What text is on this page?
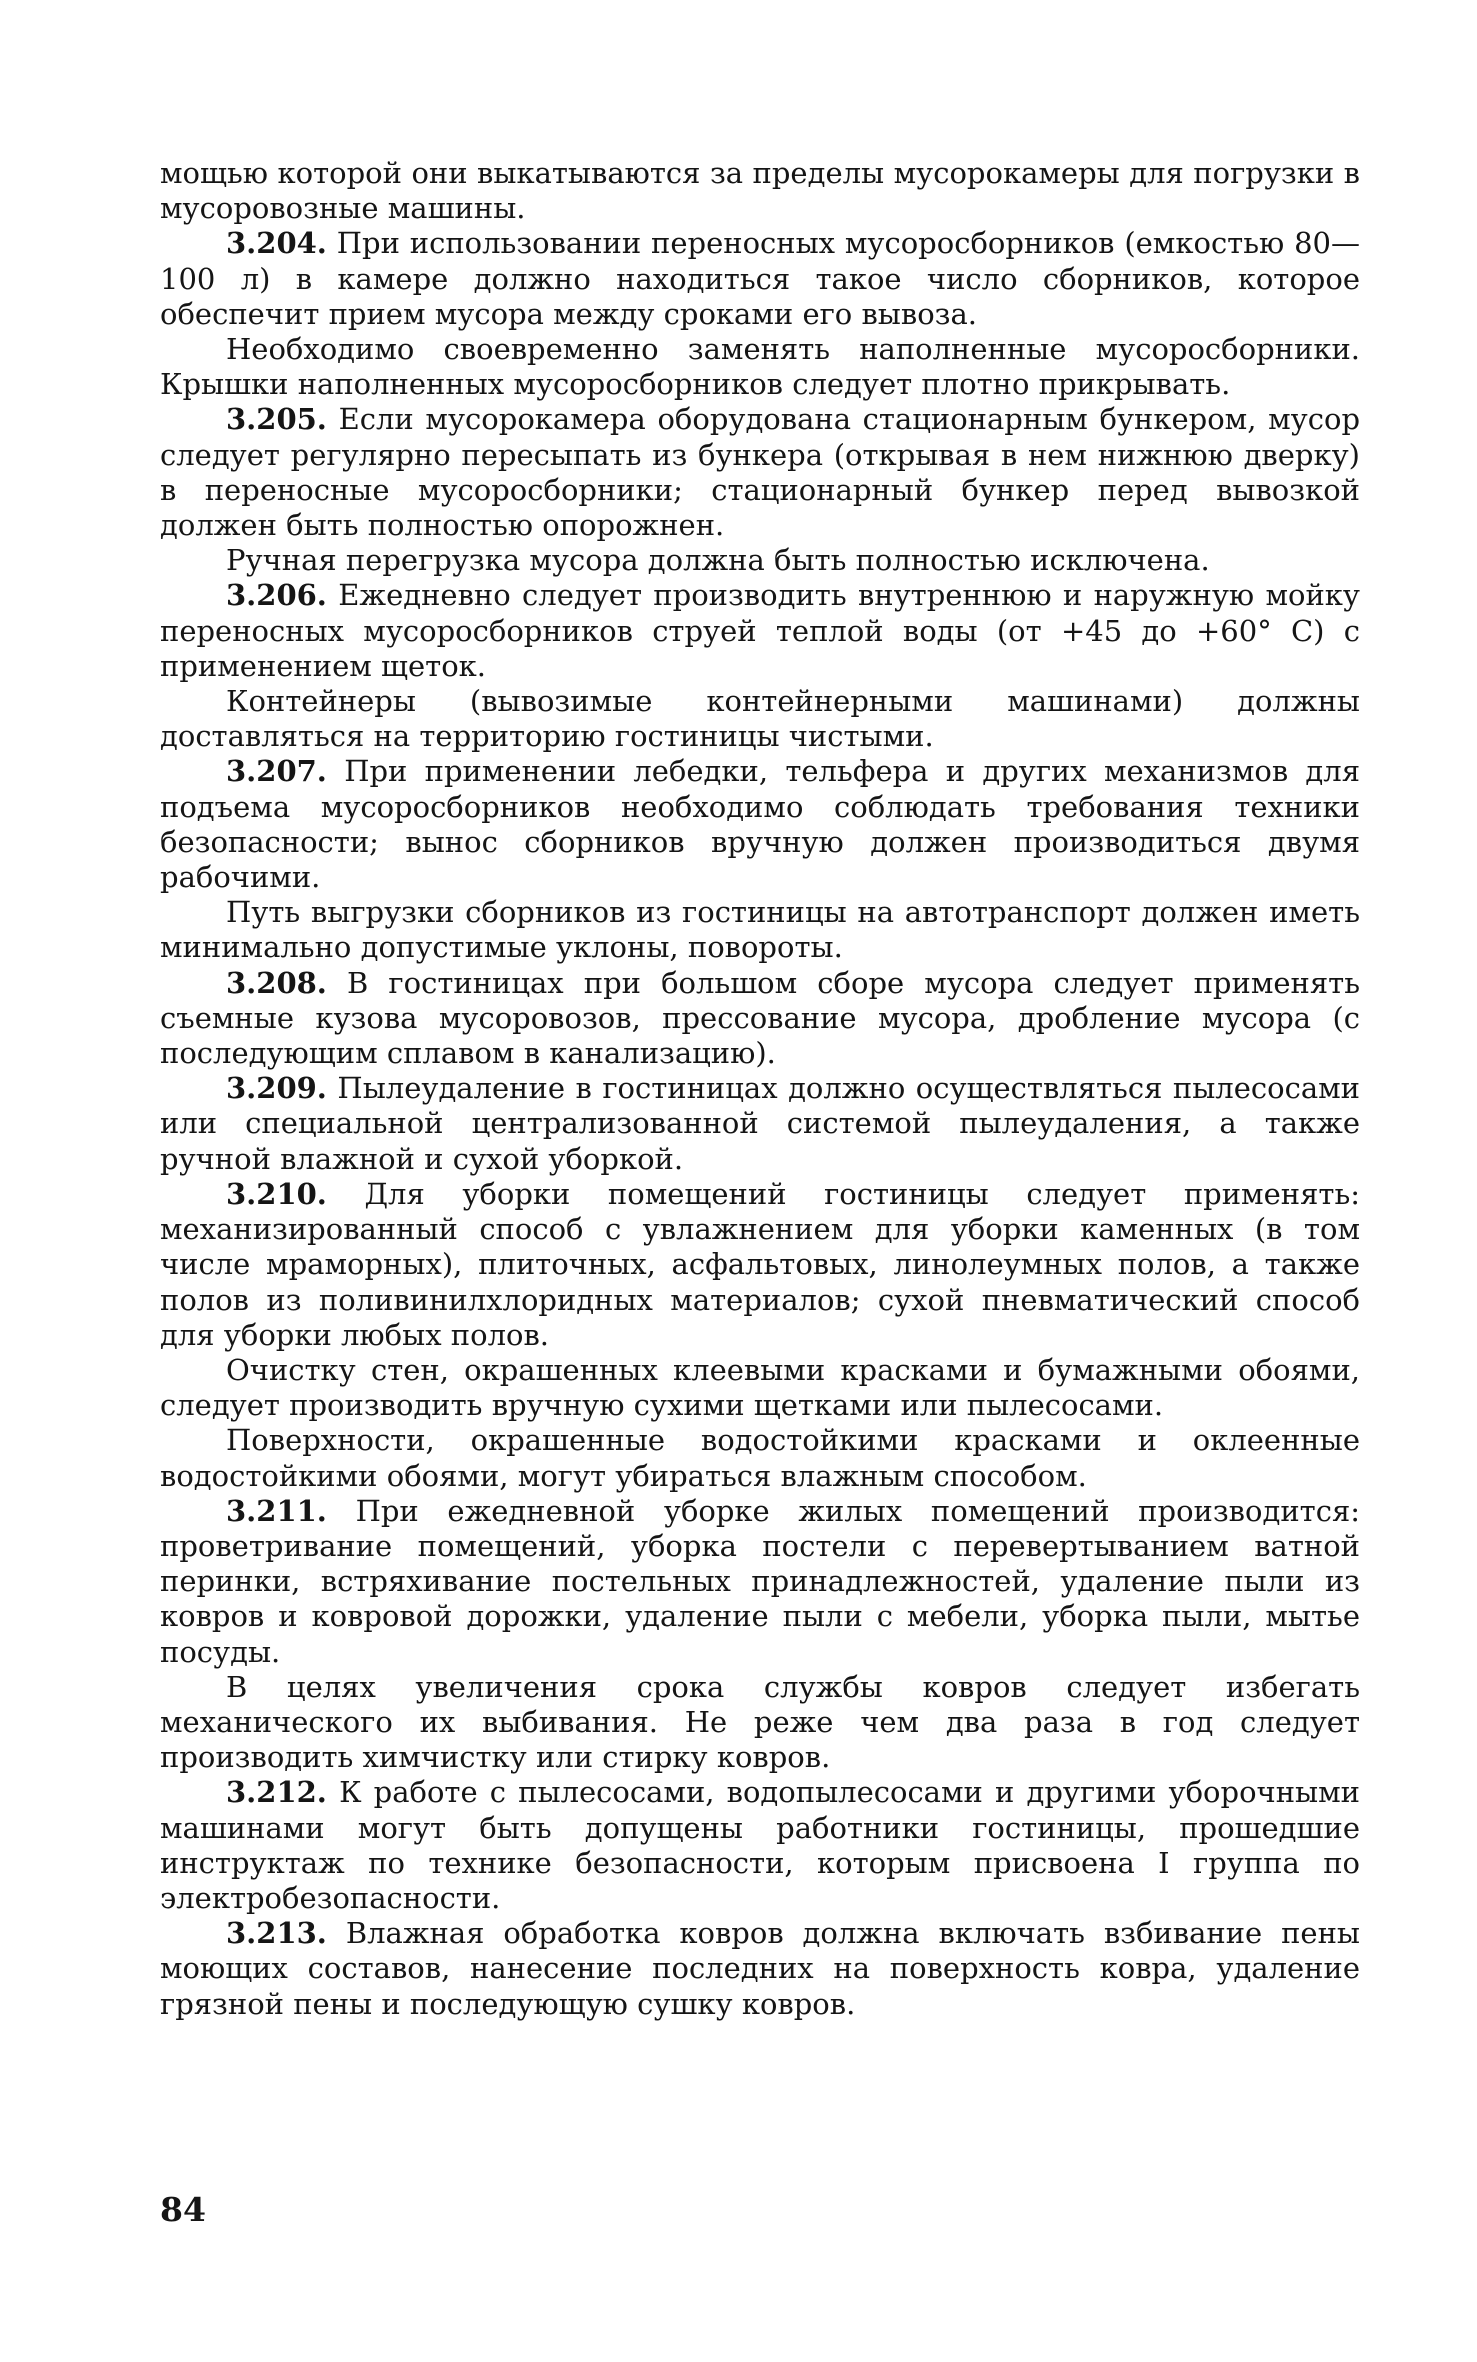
мощью которой они выкатываются за пределы мусорокамеры для погрузки в мусоровозные машины.

3.204. При использовании переносных мусоросборников (емкостью 80—100 л) в камере должно находиться такое число сборников, которое обеспечит прием мусора между сроками его вывоза.

Необходимо своевременно заменять наполненные мусоросборники. Крышки наполненных мусоросборников следует плотно прикрывать.

3.205. Если мусорокамера оборудована стационарным бункером, мусор следует регулярно пересыпать из бункера (открывая в нем нижнюю дверку) в переносные мусоросборники; стационарный бункер перед вывозкой должен быть полностью опорожнен.

Ручная перегрузка мусора должна быть полностью исключена.

3.206. Ежедневно следует производить внутреннюю и наружную мойку переносных мусоросборников струей теплой воды (от +45 до +60° С) с применением щеток.

Контейнеры (вывозимые контейнерными машинами) должны доставляться на территорию гостиницы чистыми.

3.207. При применении лебедки, тельфера и других механизмов для подъема мусоросборников необходимо соблюдать требования техники безопасности; вынос сборников вручную должен производиться двумя рабочими.

Путь выгрузки сборников из гостиницы на автотранспорт должен иметь минимально допустимые уклоны, повороты.

3.208. В гостиницах при большом сборе мусора следует применять съемные кузова мусоровозов, прессование мусора, дробление мусора (с последующим сплавом в канализацию).

3.209. Пылеудаление в гостиницах должно осуществляться пылесосами или специальной централизованной системой пылеудаления, а также ручной влажной и сухой уборкой.

3.210. Для уборки помещений гостиницы следует применять: механизированный способ с увлажнением для уборки каменных (в том числе мраморных), плиточных, асфальтовых, линолеумных полов, а также полов из поливинилхлоридных материалов; сухой пневматический способ для уборки любых полов.

Очистку стен, окрашенных клеевыми красками и бумажными обоями, следует производить вручную сухими щетками или пылесосами.

Поверхности, окрашенные водостойкими красками и оклеенные водостойкими обоями, могут убираться влажным способом.

3.211. При ежедневной уборке жилых помещений производится: проветривание помещений, уборка постели с перевертыванием ватной перинки, встряхивание постельных принадлежностей, удаление пыли из ковров и ковровой дорожки, удаление пыли с мебели, уборка пыли, мытье посуды.

В целях увеличения срока службы ковров следует избегать механического их выбивания. Не реже чем два раза в год следует производить химчистку или стирку ковров.

3.212. К работе с пылесосами, водопылесосами и другими уборочными машинами могут быть допущены работники гостиницы, прошедшие инструктаж по технике безопасности, которым присвоена I группа по электробезопасности.

3.213. Влажная обработка ковров должна включать взбивание пены моющих составов, нанесение последних на поверхность ковра, удаление грязной пены и последующую сушку ковров.

84
